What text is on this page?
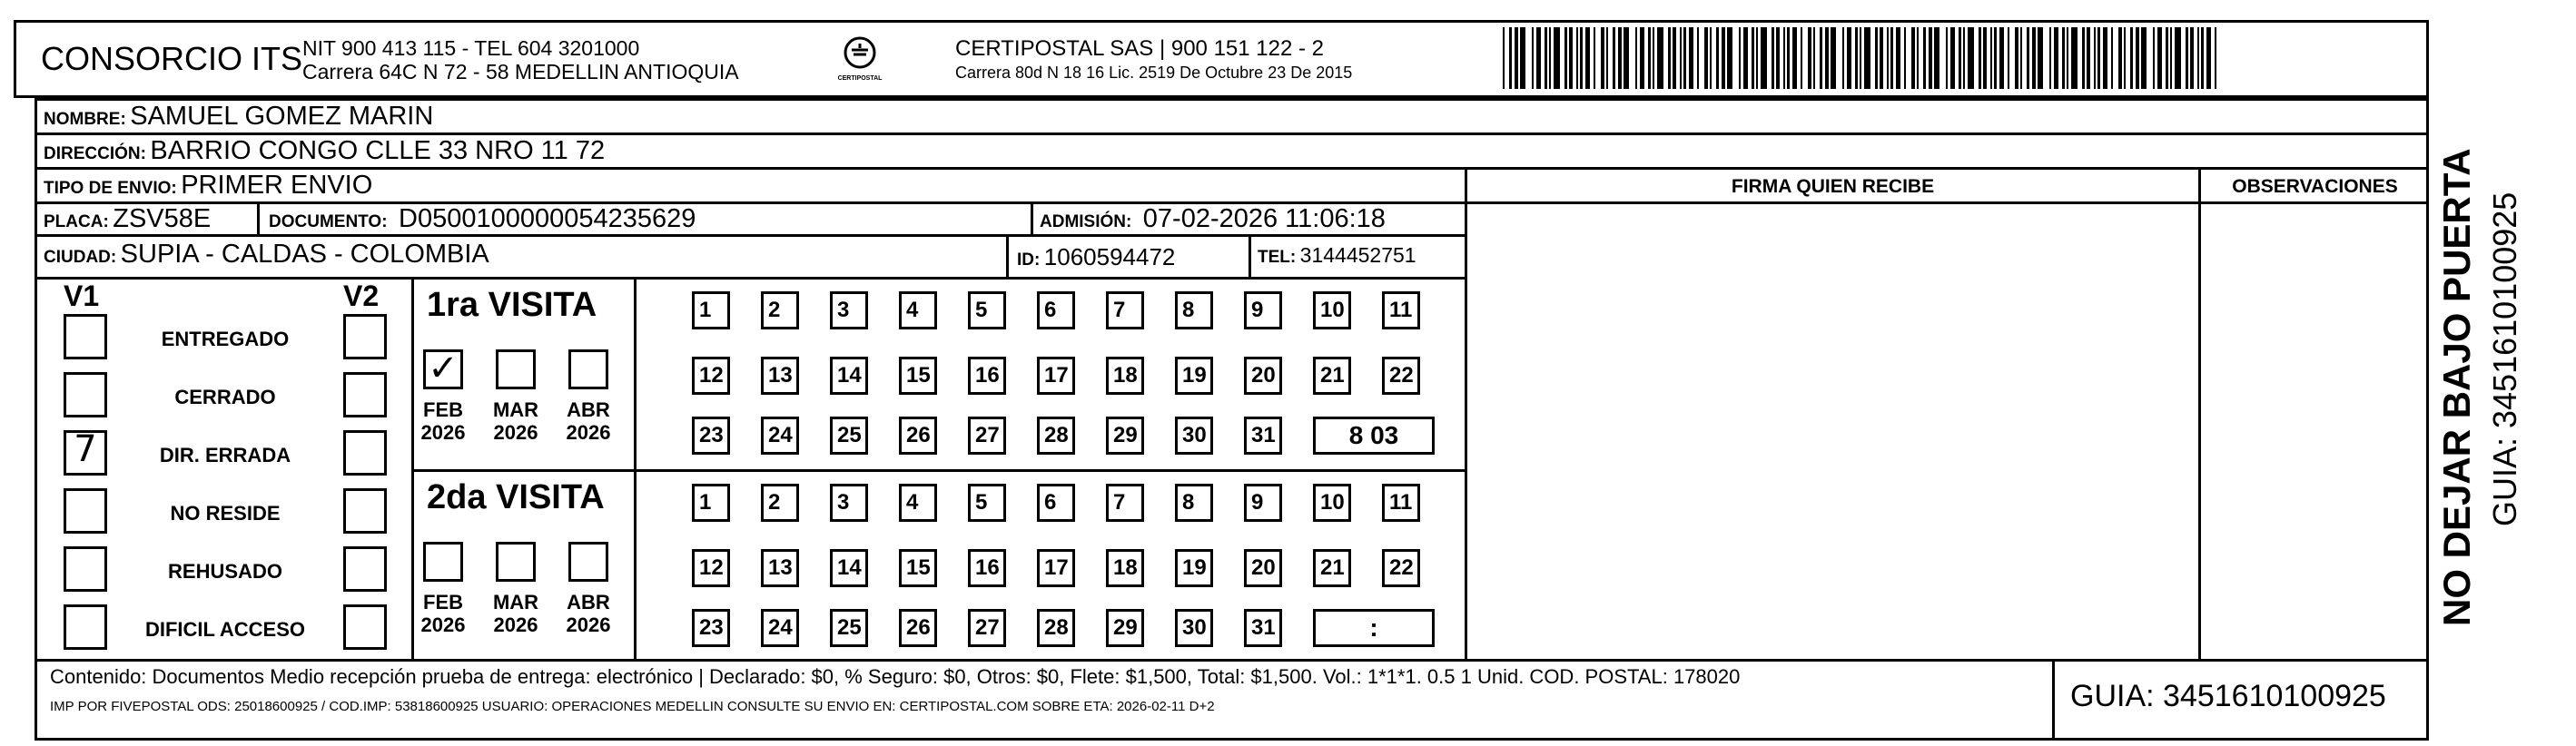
CONSORCIO ITS NIT 900 413 115 - TEL 604 3201000
Carrera 64C N 72 - 58 MEDELLIN ANTIOQUIA	CERTIPOSTAL
CERTIPOSTAL SAS | 900 151 122 - 2
Carrera 80d N 18 16 Lic. 2519 De Octubre 23 De 2015
NOMBRE: SAMUEL GOMEZ MARIN
DIRECCIÓN: BARRIO CONGO CLLE 33 NRO 11 72
TIPO DE ENVIO: PRIMER ENVIO
PLACA: ZSV58E	DOCUMENTO: D0500100000054235629	ADMISIÓN: 07-02-2026 11:06:18
CIUDAD: SUPIA - CALDAS - COLOMBIA	ID: 1060594472	TEL: 3144452751
FIRMA QUIEN RECIBE	OBSERVACIONES
V1	V2
ENTREGADO
CERRADO
7	DIR. ERRADA
NO RESIDE
REHUSADO
DIFICIL ACCESO
1ra VISITA
✓
FEB
2026
MAR
2026
ABR
2026
1	2	3	4	5	6	7	8	9	10	11
12	13	14	15	16	17	18	19	20	21	22
23	24	25	26	27	28	29	30	31	8 03
2da VISITA
FEB
2026
MAR
2026
ABR
2026
1	2	3	4	5	6	7	8	9	10	11
12	13	14	15	16	17	18	19	20	21	22
23	24	25	26	27	28	29	30	31	:
Contenido: Documentos Medio recepción prueba de entrega: electrónico | Declarado: $0, % Seguro: $0, Otros: $0, Flete: $1,500, Total: $1,500. Vol.: 1*1*1. 0.5 1 Unid. COD. POSTAL: 178020
IMP POR FIVEPOSTAL ODS: 25018600925 / COD.IMP: 53818600925 USUARIO: OPERACIONES MEDELLIN CONSULTE SU ENVIO EN: CERTIPOSTAL.COM SOBRE ETA: 2026-02-11 D+2	GUIA: 3451610100925
NO DEJAR BAJO PUERTA GUIA: 3451610100925
